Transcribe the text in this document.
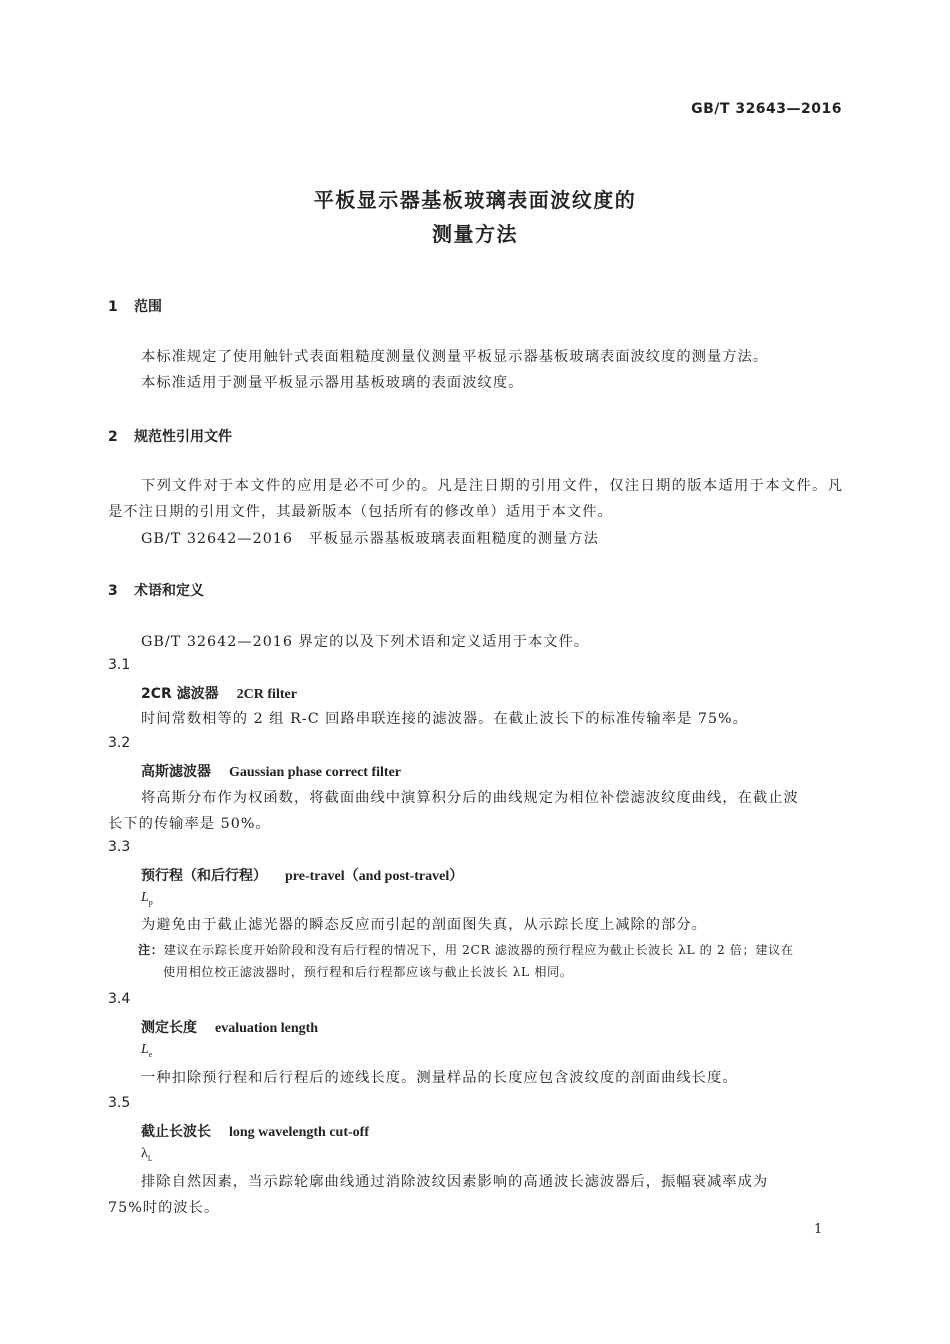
GB/T 32643—2016
平板显示器基板玻璃表面波纹度的
测量方法
1 范围
本标准规定了使用触针式表面粗糙度测量仪测量平板显示器基板玻璃表面波纹度的测量方法。
本标准适用于测量平板显示器用基板玻璃的表面波纹度。
2 规范性引用文件
下列文件对于本文件的应用是必不可少的。凡是注日期的引用文件，仅注日期的版本适用于本文件。凡是不注日期的引用文件，其最新版本（包括所有的修改单）适用于本文件。
GB/T 32642—2016　平板显示器基板玻璃表面粗糙度的测量方法
3 术语和定义
GB/T 32642—2016 界定的以及下列术语和定义适用于本文件。
3.1
2CR 滤波器 2CR filter
时间常数相等的 2 组 R-C 回路串联连接的滤波器。在截止波长下的标准传输率是 75%。
3.2
高斯滤波器 Gaussian phase correct filter
将高斯分布作为权函数，将截面曲线中演算积分后的曲线规定为相位补偿滤波纹度曲线，在截止波
长下的传输率是 50%。
3.3
预行程（和后行程） pre-travel（and post-travel）
$L_p$
为避免由于截止滤光器的瞬态反应而引起的剖面图失真，从示踪长度上减除的部分。
注：建议在示踪长度开始阶段和没有后行程的情况下，用 2CR 滤波器的预行程应为截止长波长 λL 的 2 倍；建议在
使用相位校正滤波器时，预行程和后行程都应该与截止长波长 λL 相同。
3.4
测定长度 evaluation length
$L_e$
一种扣除预行程和后行程后的迹线长度。测量样品的长度应包含波纹度的剖面曲线长度。
3.5
截止长波长 long wavelength cut-off
$\lambda_L$
排除自然因素，当示踪轮廓曲线通过消除波纹因素影响的高通波长滤波器后，振幅衰减率成为
75%时的波长。
1
